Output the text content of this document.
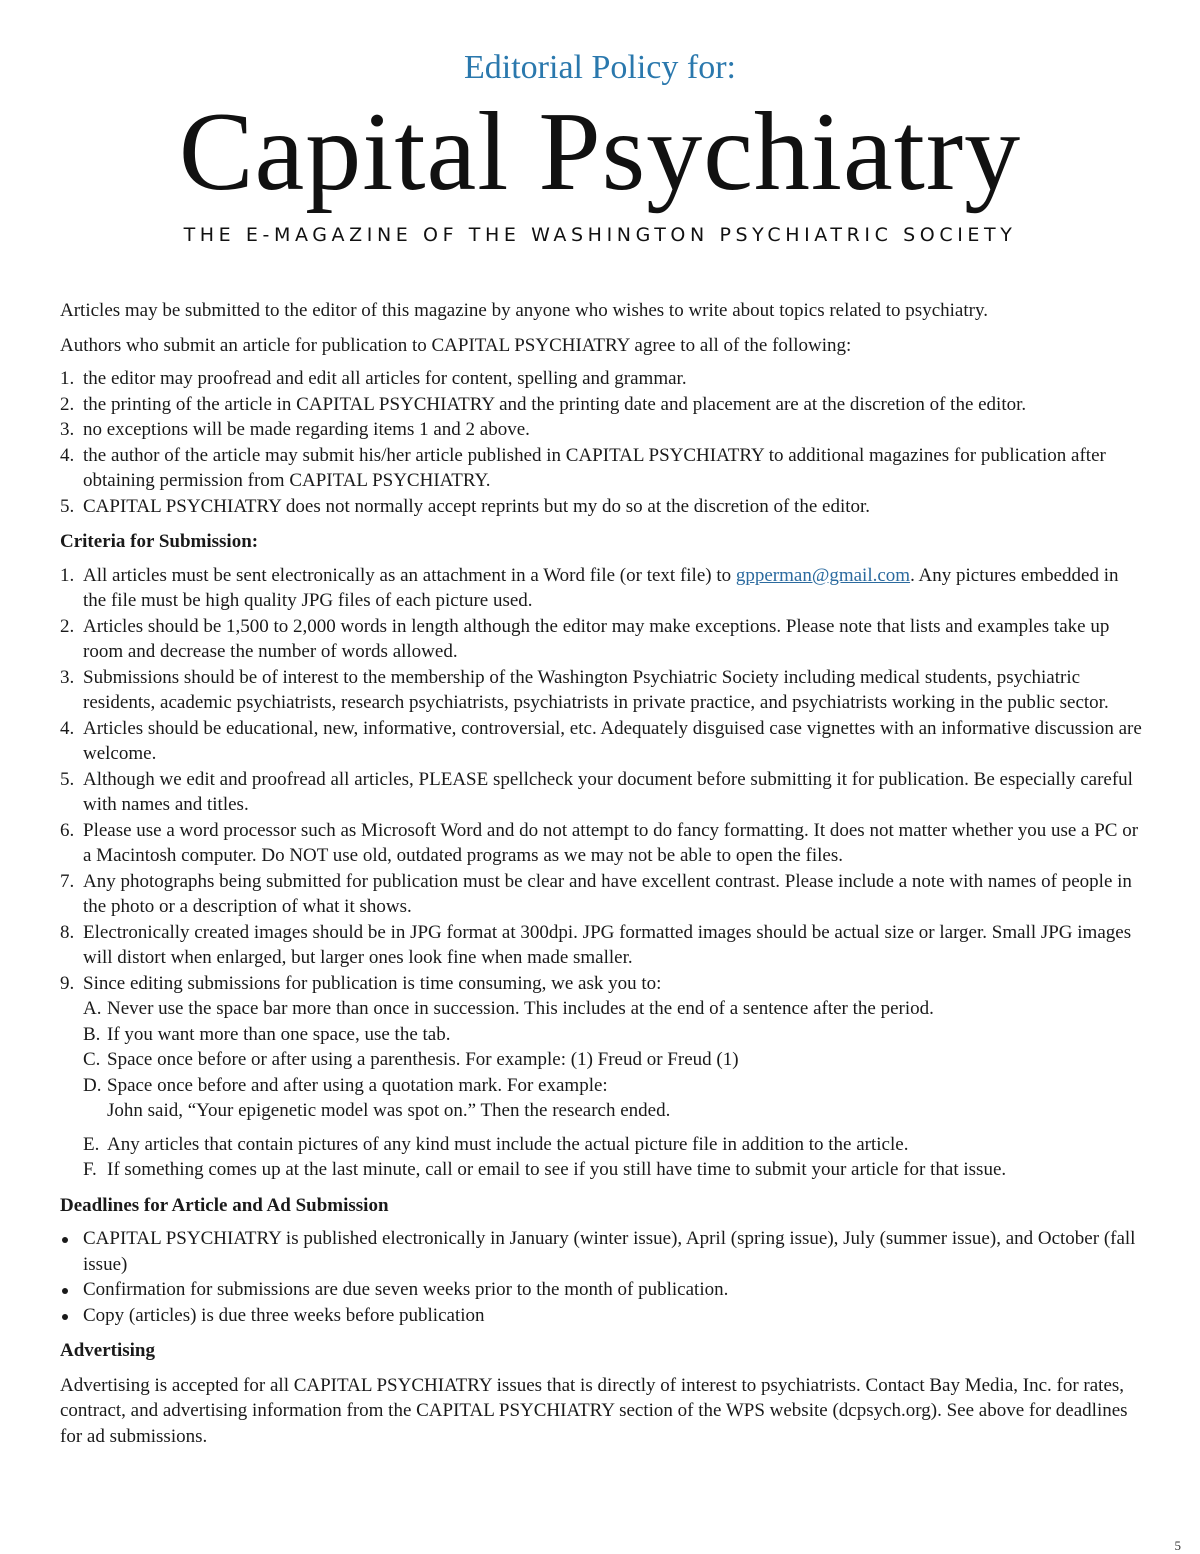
Editorial Policy for:
Capital Psychiatry
THE E-MAGAZINE OF THE WASHINGTON PSYCHIATRIC SOCIETY

Articles may be submitted to the editor of this magazine by anyone who wishes to write about topics related to psychiatry.

Authors who submit an article for publication to CAPITAL PSYCHIATRY agree to all of the following:

1. the editor may proofread and edit all articles for content, spelling and grammar.
2. the printing of the article in CAPITAL PSYCHIATRY and the printing date and placement are at the discretion of the editor.
3. no exceptions will be made regarding items 1 and 2 above.
4. the author of the article may submit his/her article published in CAPITAL PSYCHIATRY to additional magazines for publication after obtaining permission from CAPITAL PSYCHIATRY.
5. CAPITAL PSYCHIATRY does not normally accept reprints but my do so at the discretion of the editor.

Criteria for Submission:

1. All articles must be sent electronically as an attachment in a Word file (or text file) to gpperman@gmail.com. Any pictures embedded in the file must be high quality JPG files of each picture used.
2. Articles should be 1,500 to 2,000 words in length although the editor may make exceptions. Please note that lists and examples take up room and decrease the number of words allowed.
3. Submissions should be of interest to the membership of the Washington Psychiatric Society including medical students, psychiatric residents, academic psychiatrists, research psychiatrists, psychiatrists in private practice, and psychiatrists working in the public sector.
4. Articles should be educational, new, informative, controversial, etc. Adequately disguised case vignettes with an informative discussion are welcome.
5. Although we edit and proofread all articles, PLEASE spellcheck your document before submitting it for publication. Be especially careful with names and titles.
6. Please use a word processor such as Microsoft Word and do not attempt to do fancy formatting. It does not matter whether you use a PC or a Macintosh computer. Do NOT use old, outdated programs as we may not be able to open the files.
7. Any photographs being submitted for publication must be clear and have excellent contrast. Please include a note with names of people in the photo or a description of what it shows.
8. Electronically created images should be in JPG format at 300dpi. JPG formatted images should be actual size or larger. Small JPG images will distort when enlarged, but larger ones look fine when made smaller.
9. Since editing submissions for publication is time consuming, we ask you to:
A. Never use the space bar more than once in succession. This includes at the end of a sentence after the period.
B. If you want more than one space, use the tab.
C. Space once before or after using a parenthesis. For example: (1) Freud or Freud (1)
D. Space once before and after using a quotation mark. For example:
John said, “Your epigenetic model was spot on.” Then the research ended.
E. Any articles that contain pictures of any kind must include the actual picture file in addition to the article.
F. If something comes up at the last minute, call or email to see if you still have time to submit your article for that issue.

Deadlines for Article and Ad Submission

CAPITAL PSYCHIATRY is published electronically in January (winter issue), April (spring issue), July (summer issue), and October (fall issue)
Confirmation for submissions are due seven weeks prior to the month of publication.
Copy (articles) is due three weeks before publication

Advertising

Advertising is accepted for all CAPITAL PSYCHIATRY issues that is directly of interest to psychiatrists. Contact Bay Media, Inc. for rates, contract, and advertising information from the CAPITAL PSYCHIATRY section of the WPS website (dcpsych.org). See above for deadlines for ad submissions.

5
